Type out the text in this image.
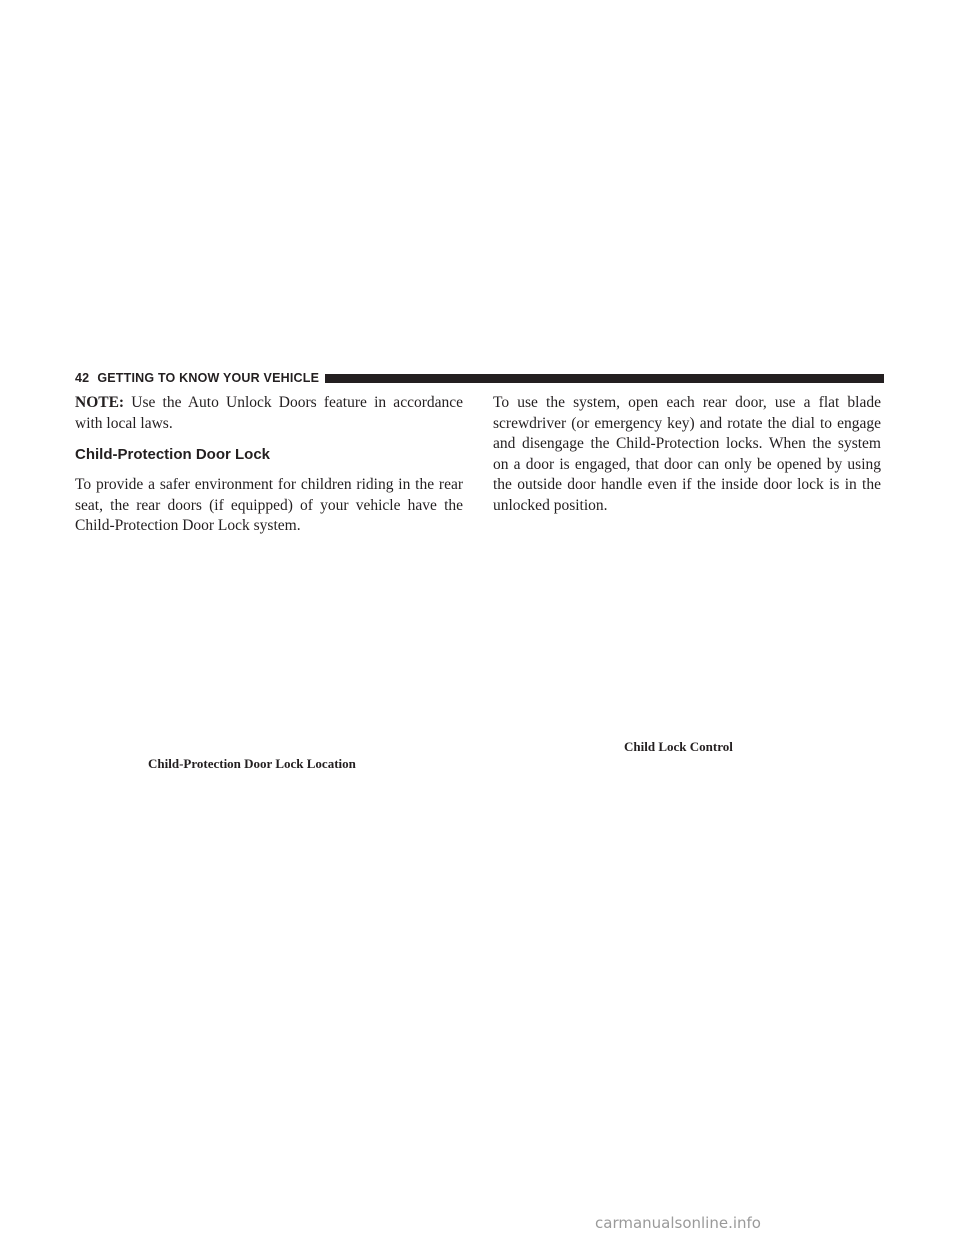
42 GETTING TO KNOW YOUR VEHICLE

NOTE: Use the Auto Unlock Doors feature in accordance with local laws.

Child-Protection Door Lock

To provide a safer environment for children riding in the rear seat, the rear doors (if equipped) of your vehicle have the Child-Protection Door Lock system.

To use the system, open each rear door, use a flat blade screwdriver (or emergency key) and rotate the dial to engage and disengage the Child-Protection locks. When the system on a door is engaged, that door can only be opened by using the outside door handle even if the inside door lock is in the unlocked position.

Child-Protection Door Lock Location
Child Lock Control
carmanualsonline.info
